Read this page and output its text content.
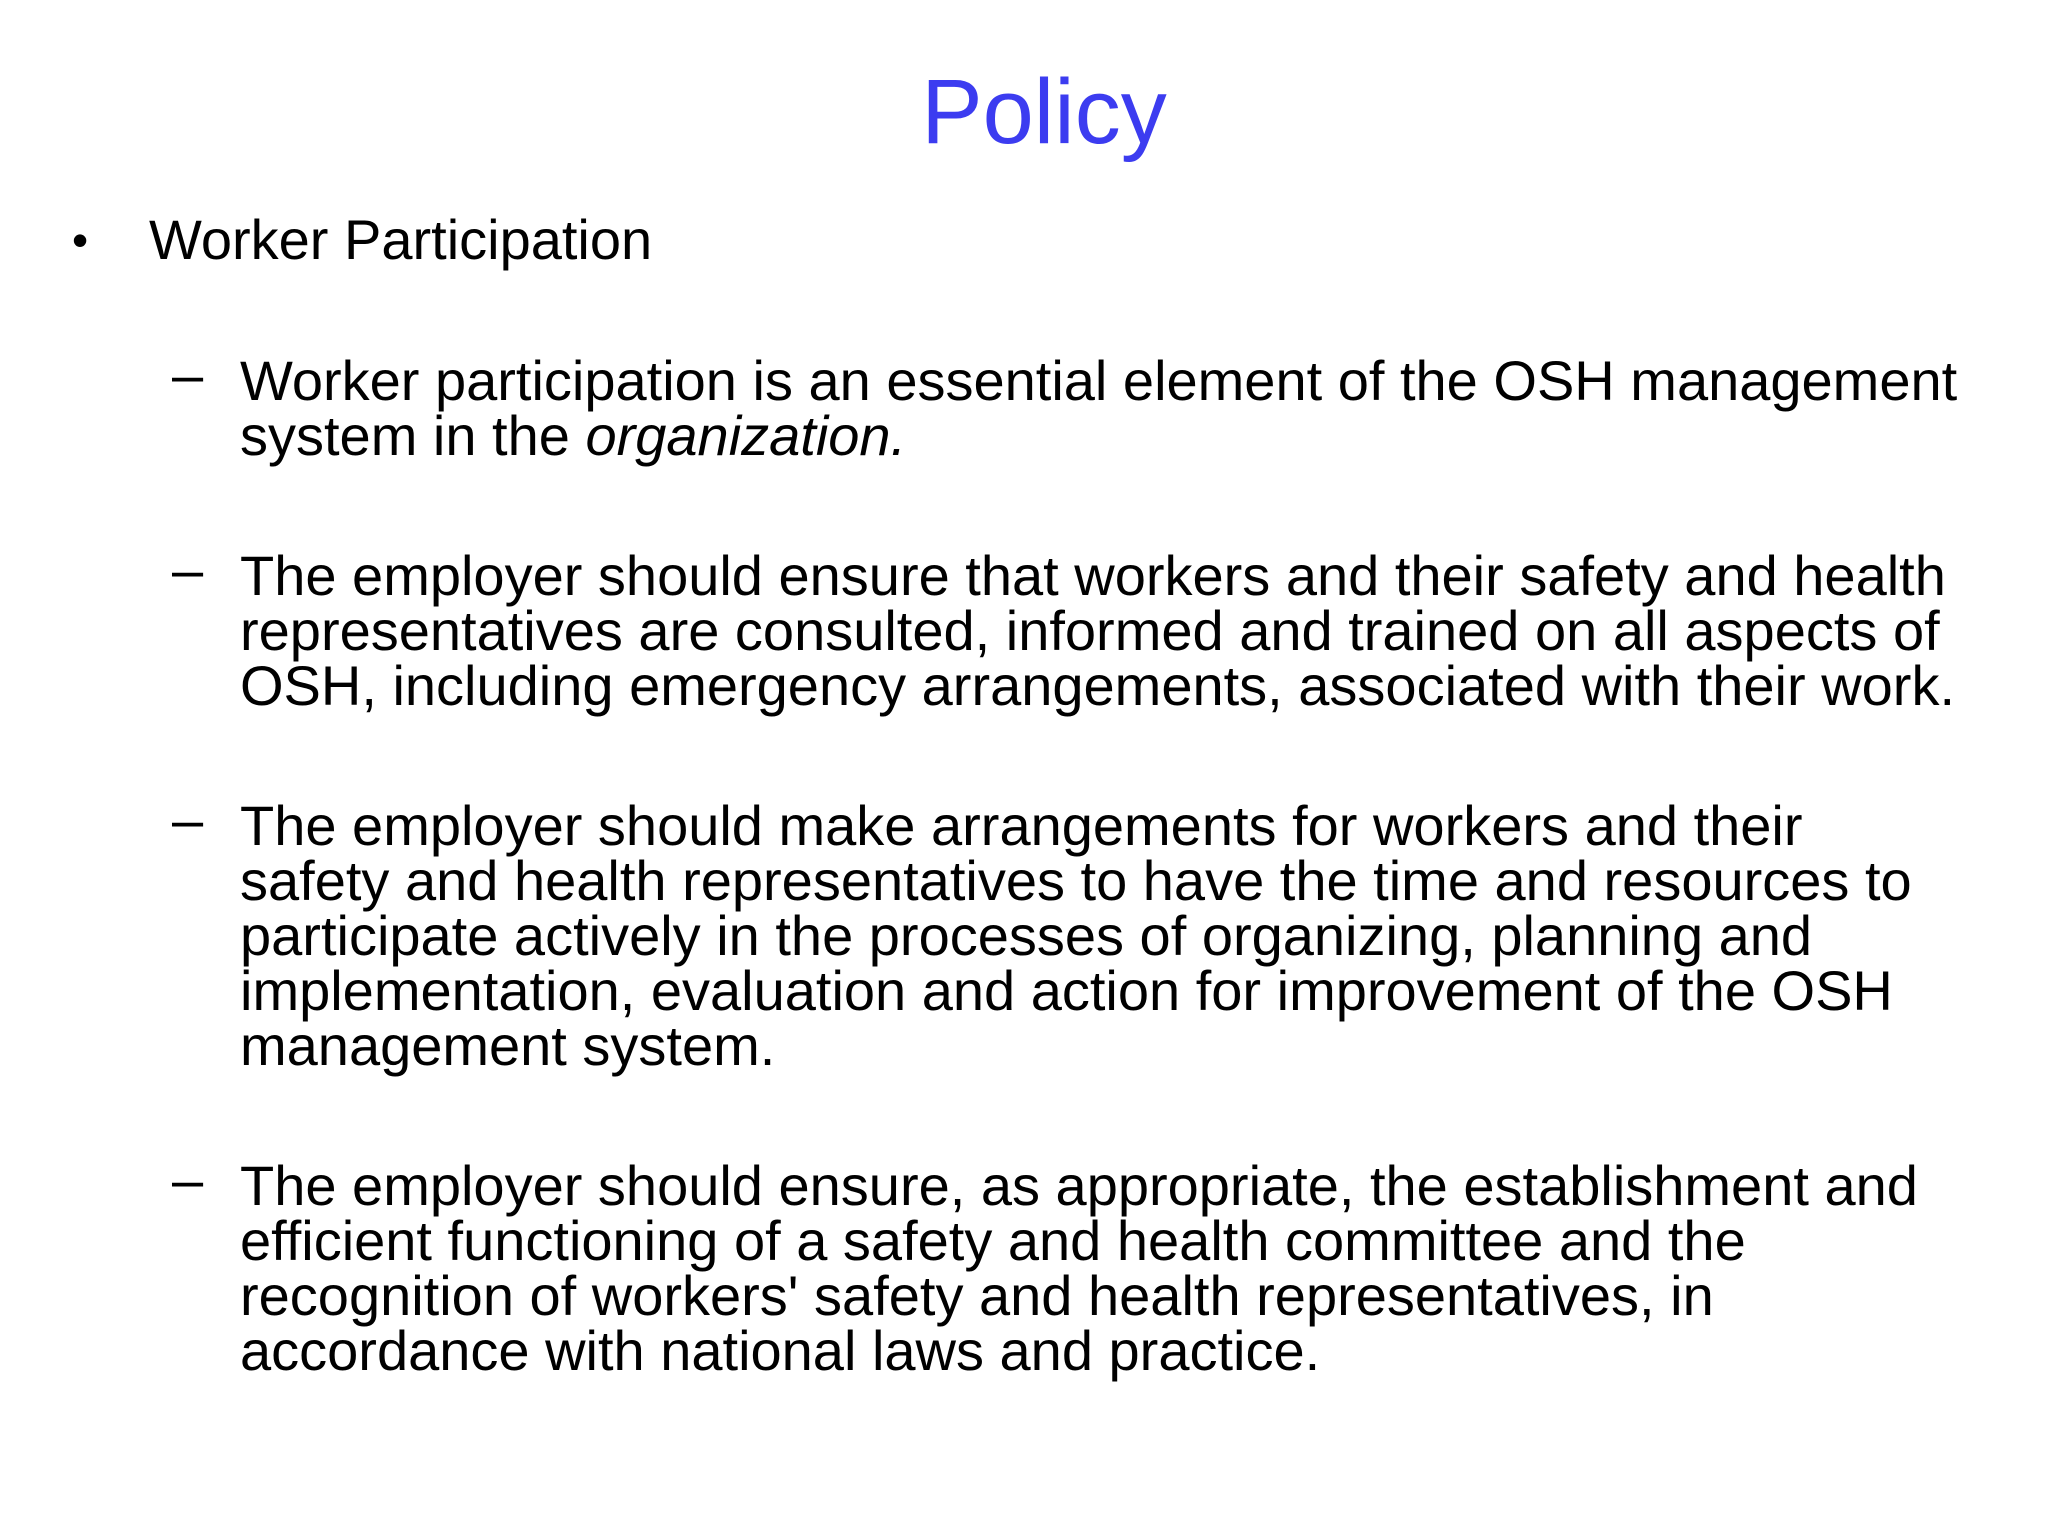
Policy
•	Worker Participation
– Worker participation is an essential element of the OSH management
system in the organization.
– The employer should ensure that workers and their safety and health
representatives are consulted, informed and trained on all aspects of
OSH, including emergency arrangements, associated with their work.
– The employer should make arrangements for workers and their
safety and health representatives to have the time and resources to
participate actively in the processes of organizing, planning and
implementation, evaluation and action for improvement of the OSH
management system.
– The employer should ensure, as appropriate, the establishment and
efficient functioning of a safety and health committee and the
recognition of workers' safety and health representatives, in
accordance with national laws and practice.
